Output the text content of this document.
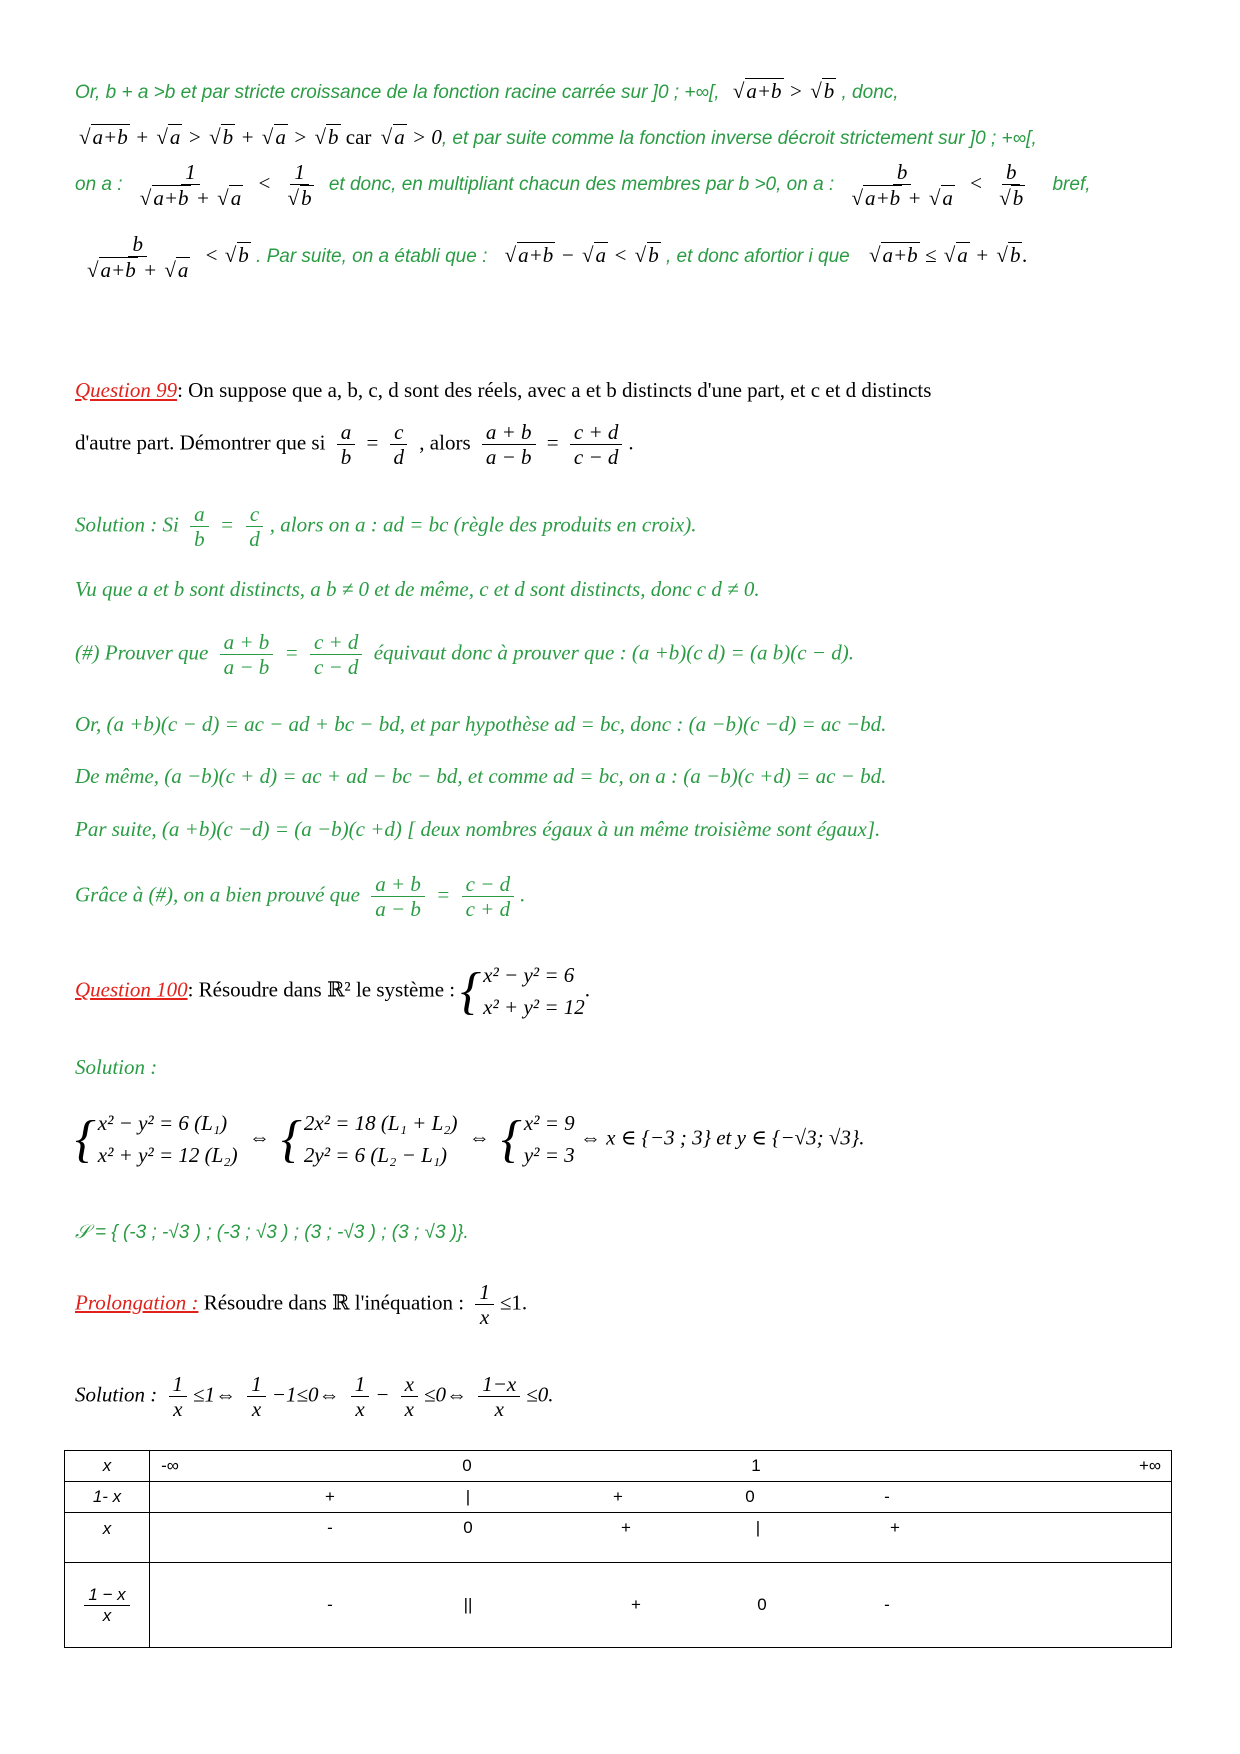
Or, b + a >b et par stricte croissance de la fonction racine carrée sur ]0 ; +∞[, √ a+b > √ b , donc,
√ a+b + √ a > √ b + √ a > √ b car √ a > 0, et par suite comme la fonction inverse décroit strictement sur ]0 ; +∞[,
on a : 1
√ a+b + √ a < 1
√ b et donc, en multipliant chacun des membres par b >0, on a : b
√ a+b + √ a < b
√ b bref,
b
√ a+b + √ a < √ b . Par suite, on a établi que : √ a+b − √ a < √ b , et donc afortior i que √ a+b ≤ √ a + √ b.
Question 99: On suppose que a, b, c, d sont des réels, avec a et b distincts d'une part, et c et d distincts
d'autre part. Démontrer que si $\frac{a}{b} = \frac{c}{d}$ , alors $\frac{a + b}{a - b} = \frac{c + d}{c - d}$ .
Solution : Si $\frac{a}{b} = \frac{c}{d}$ , alors on a : ad = bc (règle des produits en croix).
Vu que a et b sont distincts, a b ≠ 0 et de même, c et d sont distincts, donc c d ≠ 0.
(#) Prouver que $\frac{a + b}{a - b} = \frac{c + d}{c - d}$ équivaut donc à prouver que : (a +b)(c d) = (a b)(c − d).
Or, (a +b)(c − d) = ac − ad + bc − bd, et par hypothèse ad = bc, donc : (a −b)(c −d) = ac −bd.
De même, (a −b)(c + d) = ac + ad − bc − bd, et comme ad = bc, on a : (a −b)(c +d) = ac − bd.
Par suite, (a +b)(c −d) = (a −b)(c +d) [ deux nombres égaux à un même troisième sont égaux].
Grâce à (#), on a bien prouvé que $\frac{a + b}{a - b} = \frac{c - d}{c + d}$ .
Question 100: Résoudre dans ℝ² le système : { x² − y² = 6
x² + y² = 12
.
Solution :
{ x² − y² = 6 (L₁)
x² + y² = 12 (L₂)
⇔ { 2x² = 18 (L₁ + L₂)
2y² = 6 (L₂ − L₁)
⇔ { x² = 9
y² = 3
⇔ x ∈ {−3 ; 3} et y ∈ {−√3; √3}.
𝒮 = { (-3 ; -√3 ) ; (-3 ; √3 ) ; (3 ; -√3 ) ; (3 ; √3 )}.
Prolongation : Résoudre dans ℝ l'inéquation : $\frac{1}{x} \le 1$.
Solution : $\frac{1}{x}$ ≤1⇔ $\frac{1}{x}$ −1≤0⇔ $\frac{1}{x} - \frac{x}{x}$ ≤0⇔ $\frac{1-x}{x} \le 0$.
x	-∞ 0 1 +∞

1- x	+ | + 0 -

x	- 0 + | +

$\frac{1 - x}{x}$	- || + 0 -
